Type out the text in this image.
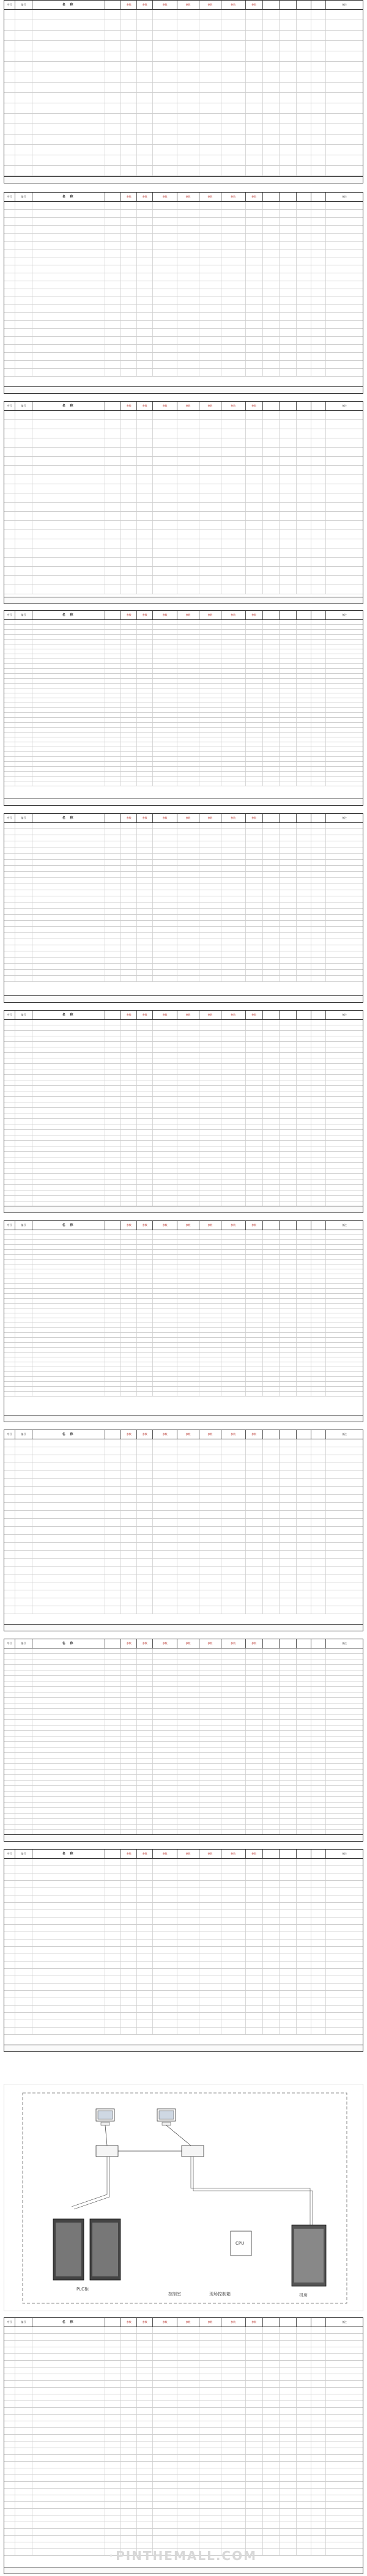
序号	编号	名 称	参数	参数	参数	参数	参数	参数	参数	备注
序号	编号	名 称	参数	参数	参数	参数	参数	参数	参数	备注
序号	编号	名 称	参数	参数	参数	参数	参数	参数	参数	备注
序号	编号	名 称	参数	参数	参数	参数	参数	参数	参数	备注
序号	编号	名 称	参数	参数	参数	参数	参数	参数	参数	备注
序号	编号	名 称	参数	参数	参数	参数	参数	参数	参数	备注
序号	编号	名 称	参数	参数	参数	参数	参数	参数	参数	备注
序号	编号	名 称	参数	参数	参数	参数	参数	参数	参数	备注
序号	编号	名 称	参数	参数	参数	参数	参数	参数	参数	备注
序号	编号	名 称	参数	参数	参数	参数	参数	参数	参数	备注
序号	编号	名 称	参数	参数	参数	参数	参数	参数	参数	备注
PLC柜
控制室	现场控制箱	机房
CPU
PINTHEMALL.COM
